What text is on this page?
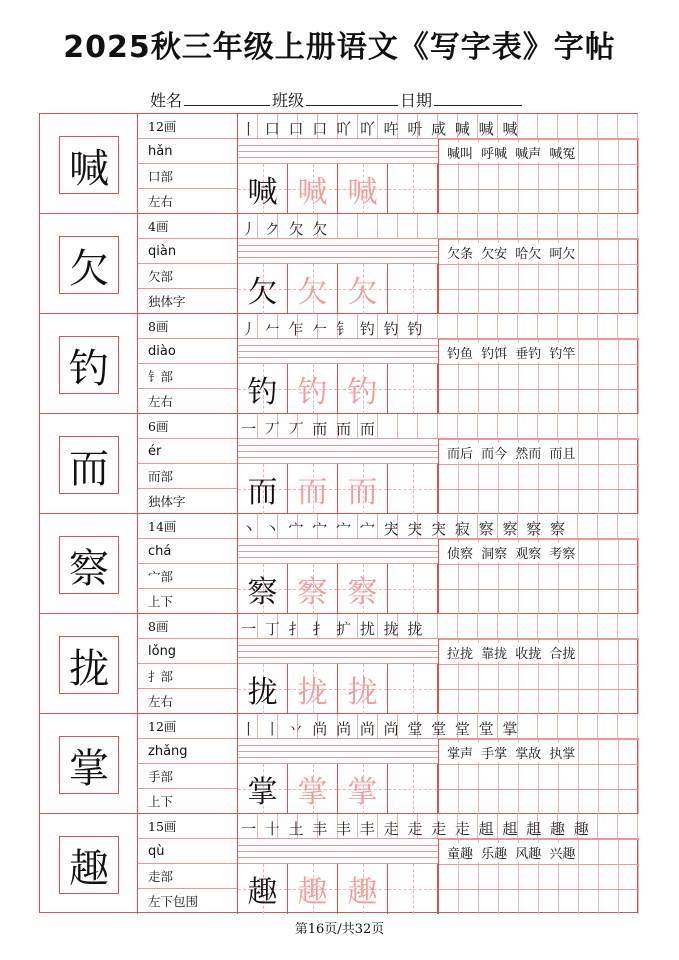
2025秋三年级上册语文《写字表》字帖
姓名	班级	日期
喊
12画
hǎn
口部
左右
丨 口 口 口 吖 吖 吘 呏 咸 喊 喊 喊
喊 喊 喊
喊叫 呼喊 喊声 喊冤
欠
4画
qiàn
欠部
独体字
丿 ク 欠 欠
欠 欠 欠
欠条 欠安 哈欠 呵欠
钓
8画
diào
钅部
左右
丿 𠂉 乍 𠂉 钅 钓 钓 钓
钓 钓 钓
钓鱼 钓饵 垂钓 钓竿
而
6画
ér
而部
独体字
一 丆 丆 而 而 而
而 而 而
而后 而今 然而 而且
察
14画
chá
宀部
上下
丶 丶 宀 宀 宀 宀 宊 宊 宊 寂 察 察 察 察
察 察 察
侦察 洞察 观察 考察
拢
8画
lǒng
扌部
左右
一 丁 扌 扌 扩 扰 拢 拢
拢 拢 拢
拉拢 靠拢 收拢 合拢
掌
12画
zhǎng
手部
上下
丨 丨 丷 尚 尚 尚 尚 堂 堂 堂 堂 掌
掌 掌 掌
掌声 手掌 掌故 执掌
趣
15画
qù
走部
左下包围
一 十 土 丰 丰 丰 走 走 走 走 趄 趄 趄 趣 趣
趣 趣 趣
童趣 乐趣 风趣 兴趣
第16页/共32页
